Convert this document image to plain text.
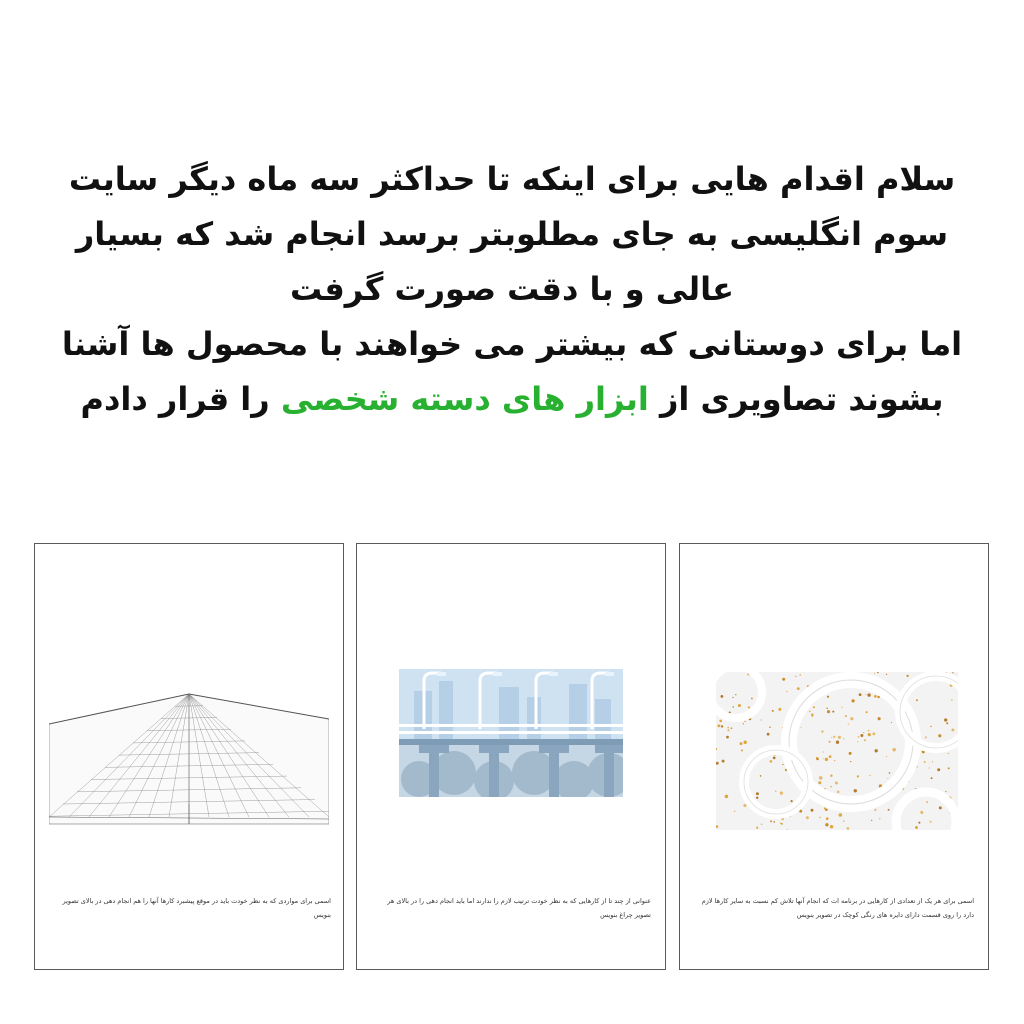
سلام اقدام هایی برای اینکه تا حداکثر سه ماه دیگر سایت
سوم انگلیسی به جای مطلوبتر برسد انجام شد که بسیار
عالی و با دقت صورت گرفت
اما برای دوستانی که بیشتر می خواهند با محصول ها آشنا
بشوند تصاویری از ابزار های دسته شخصی را قرار دادم
اسمی برای مواردی که به نظر خودت باید در موقع پیشبرد کارها آنها را هم انجام دهی در بالای تصویر بنویس
عنوانی از چند تا از کارهایی که به نظر خودت ترتیب لازم را ندارند اما باید انجام دهی را در بالای هر تصویر چراغ بنویس
اسمی برای هر یک از تعدادی از کارهایی در برنامه ات که انجام آنها تلاش کم نسبت به سایر کارها لازم دارد را روی قسمت دارای دایره های رنگی کوچک در تصویر بنویس
